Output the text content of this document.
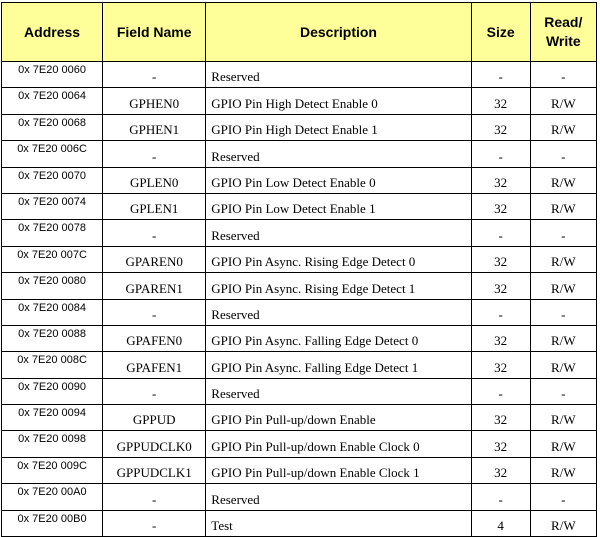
Address	Field Name	Description	Size	Read/
Write
0x 7E20 0060	-	Reserved	-	-
0x 7E20 0064	GPHEN0	GPIO Pin High Detect Enable 0	32	R/W
0x 7E20 0068	GPHEN1	GPIO Pin High Detect Enable 1	32	R/W
0x 7E20 006C	-	Reserved	-	-
0x 7E20 0070	GPLEN0	GPIO Pin Low Detect Enable 0	32	R/W
0x 7E20 0074	GPLEN1	GPIO Pin Low Detect Enable 1	32	R/W
0x 7E20 0078	-	Reserved	-	-
0x 7E20 007C	GPAREN0	GPIO Pin Async. Rising Edge Detect 0	32	R/W
0x 7E20 0080	GPAREN1	GPIO Pin Async. Rising Edge Detect 1	32	R/W
0x 7E20 0084	-	Reserved	-	-
0x 7E20 0088	GPAFEN0	GPIO Pin Async. Falling Edge Detect 0	32	R/W
0x 7E20 008C	GPAFEN1	GPIO Pin Async. Falling Edge Detect 1	32	R/W
0x 7E20 0090	-	Reserved	-	-
0x 7E20 0094	GPPUD	GPIO Pin Pull-up/down Enable	32	R/W
0x 7E20 0098	GPPUDCLK0	GPIO Pin Pull-up/down Enable Clock 0	32	R/W
0x 7E20 009C	GPPUDCLK1	GPIO Pin Pull-up/down Enable Clock 1	32	R/W
0x 7E20 00A0	-	Reserved	-	-
0x 7E20 00B0	-	Test	4	R/W
